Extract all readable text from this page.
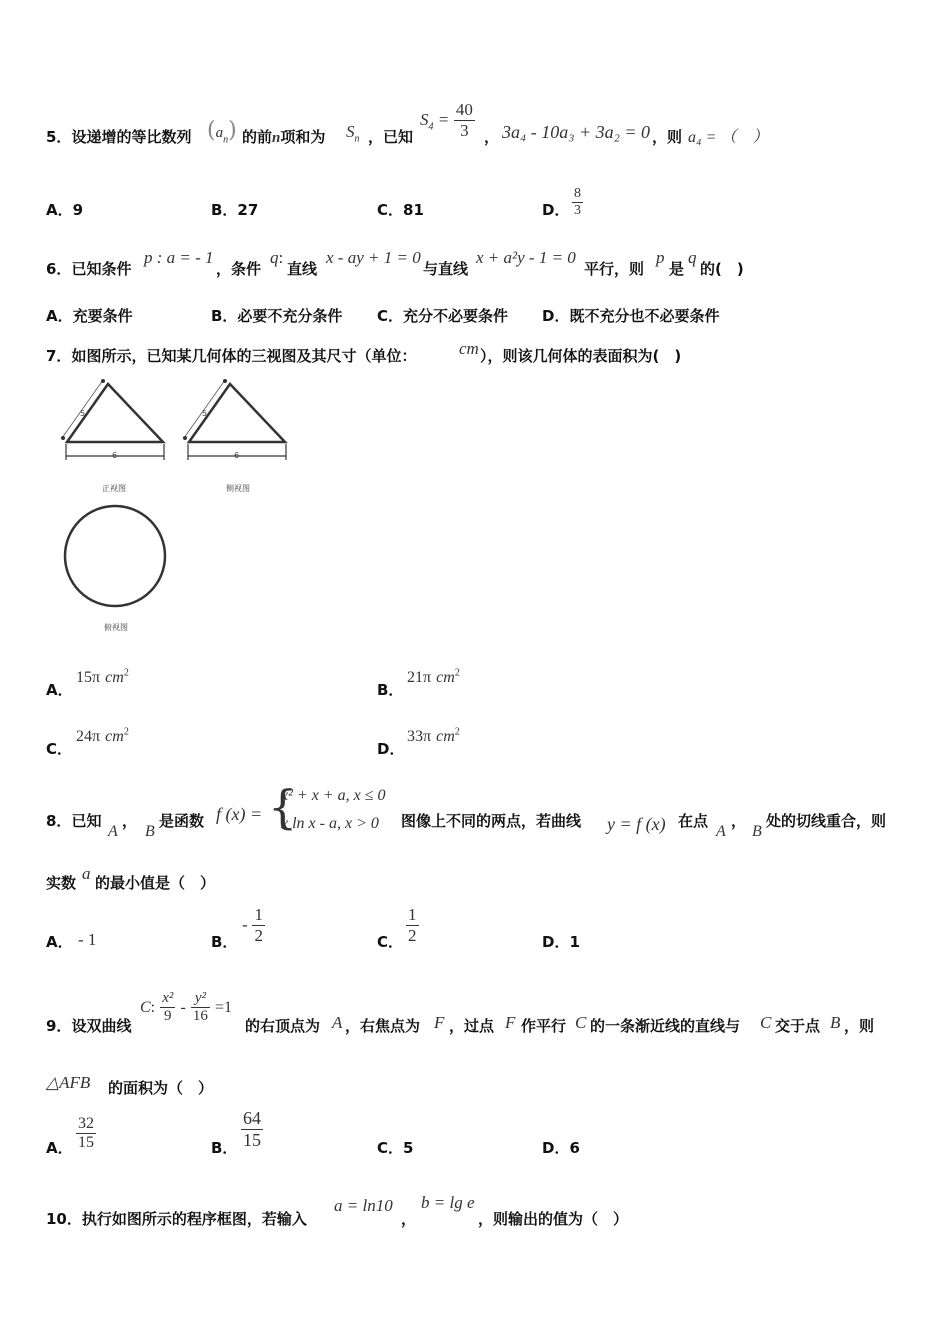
5．设递增的等比数列 $(a_n)$ 的前n项和为 $S_n$ ，已知
$S_4 = \frac{40}{3}$ ， 3a₄ - 10a₃ + 3a₂ = 0 ，则 a₄ = （　）
A．9	B．27	C．81	D． $\frac{8}{3}$
6．已知条件
p : a = - 1
，条件
q:
直线
x - ay + 1 = 0
与直线
x + a²y - 1 = 0
平行，则
p
是
q
的(　)
A．充要条件	B．必要不充分条件 C．充分不必要条件 D．既不充分也不必要条件
7．如图所示，已知某几何体的三视图及其尺寸（单位：	cm ），则该几何体的表面积为(　)
5
6
正视图
5
6
侧视图
俯视图
A．
15π $cm^2$
B．
21π $cm^2$
C．
24π $cm^2$
D．
33π $cm^2$
8．已知
A
，
B
是函数 f (x) = {
x² + x + a, x ≤ 0
x ln x - a, x > 0 图像上不同的两点，若曲线 y = f (x) 在点
A
，
B
处的切线重合，则
实数 a 的最小值是（　）
A． - 1	B．
- $\frac{1}{2}$	C． $\frac{1}{2}$	D．1
9．设双曲线
C: $\frac{\text{x²}}{9} - \frac{\text{y²}}{16} =1$
的右顶点为 A ，右焦点为 F ，过点 F 作平行 C 的一条渐近线的直线与 C 交于点 B ，则
△AFB 的面积为（　）
A． $\frac{32}{15}$	B． $\frac{64}{15}$	C．5	D．6
10．执行如图所示的程序框图，若输入
a = ln10
，
b = lg e
，则输出的值为（　）
